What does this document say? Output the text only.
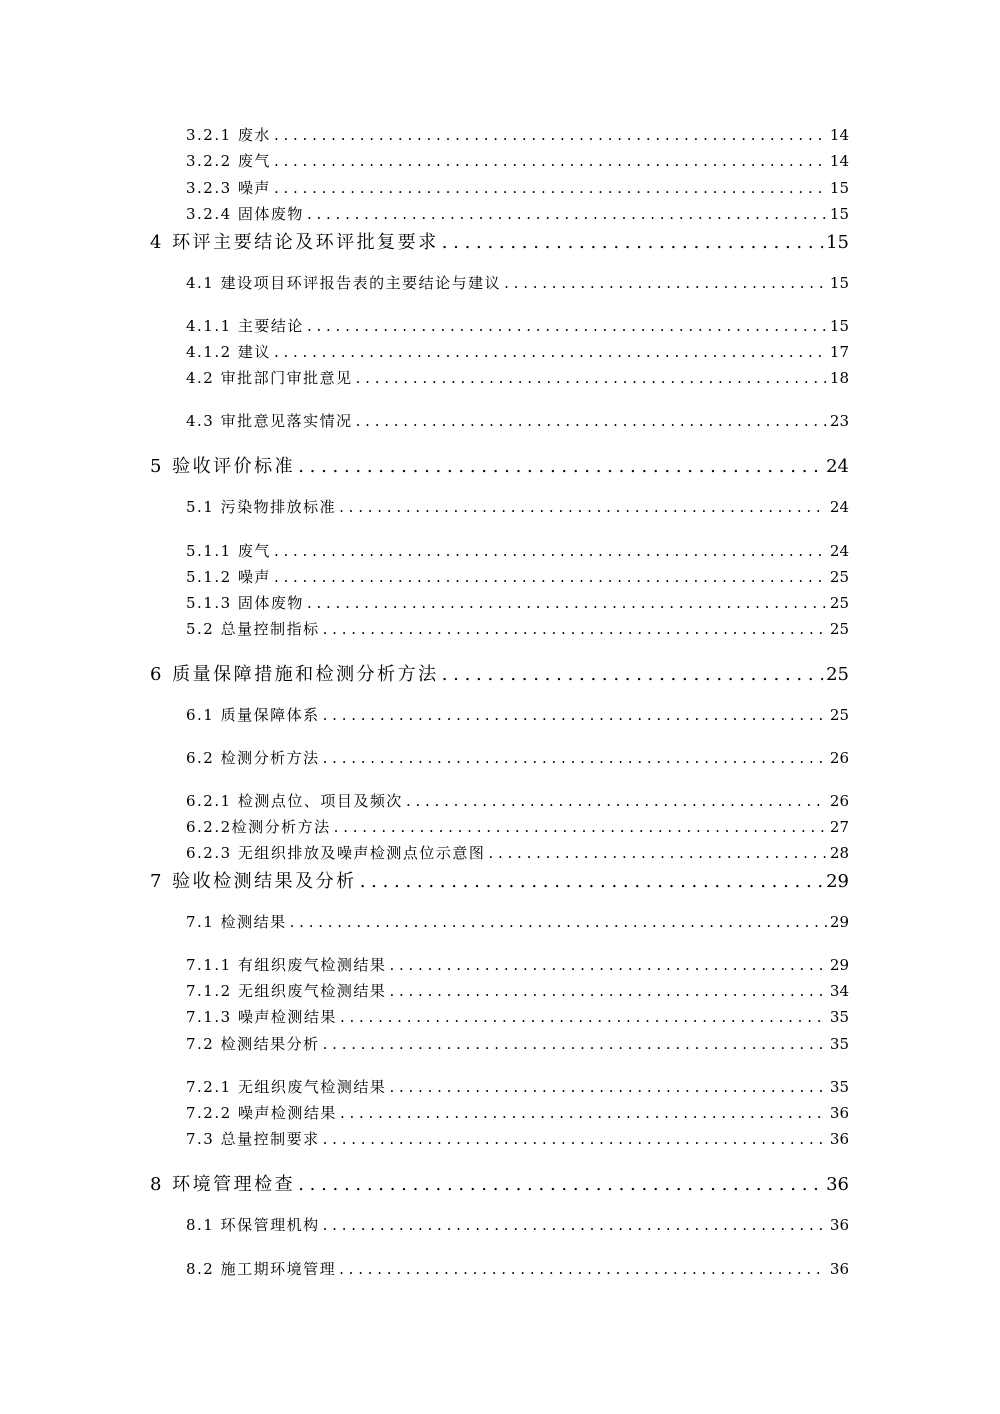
3.2.1 废水 . . .	14
3.2.2 废气 . . .	14
3.2.3 噪声 . . .	15
3.2.4 固体废物 . . .	15
4 环评主要结论及环评批复要求 . . .	15
4.1 建设项目环评报告表的主要结论与建议 . . .	15
4.1.1 主要结论 . . .	15
4.1.2 建议 . . .	17
4.2 审批部门审批意见 . . .	18
4.3 审批意见落实情况 . . .	23
5 验收评价标准 . . .	24
5.1 污染物排放标准 . . .	24
5.1.1 废气 . . .	24
5.1.2 噪声 . . .	25
5.1.3 固体废物 . . .	25
5.2 总量控制指标 . . .	25
6 质量保障措施和检测分析方法 . . .	25
6.1 质量保障体系 . . .	25
6.2 检测分析方法 . . .	26
6.2.1 检测点位、项目及频次 . . .	26
6.2.2检测分析方法 . . .	27
6.2.3 无组织排放及噪声检测点位示意图 . . .	28
7 验收检测结果及分析 . . .	29
7.1 检测结果 . . .	29
7.1.1 有组织废气检测结果 . . .	29
7.1.2 无组织废气检测结果 . . .	34
7.1.3 噪声检测结果 . . .	35
7.2 检测结果分析 . . .	35
7.2.1 无组织废气检测结果 . . .	35
7.2.2 噪声检测结果 . . .	36
7.3 总量控制要求 . . .	36
8 环境管理检查 . . .	36
8.1 环保管理机构 . . .	36
8.2 施工期环境管理 . . .	36
